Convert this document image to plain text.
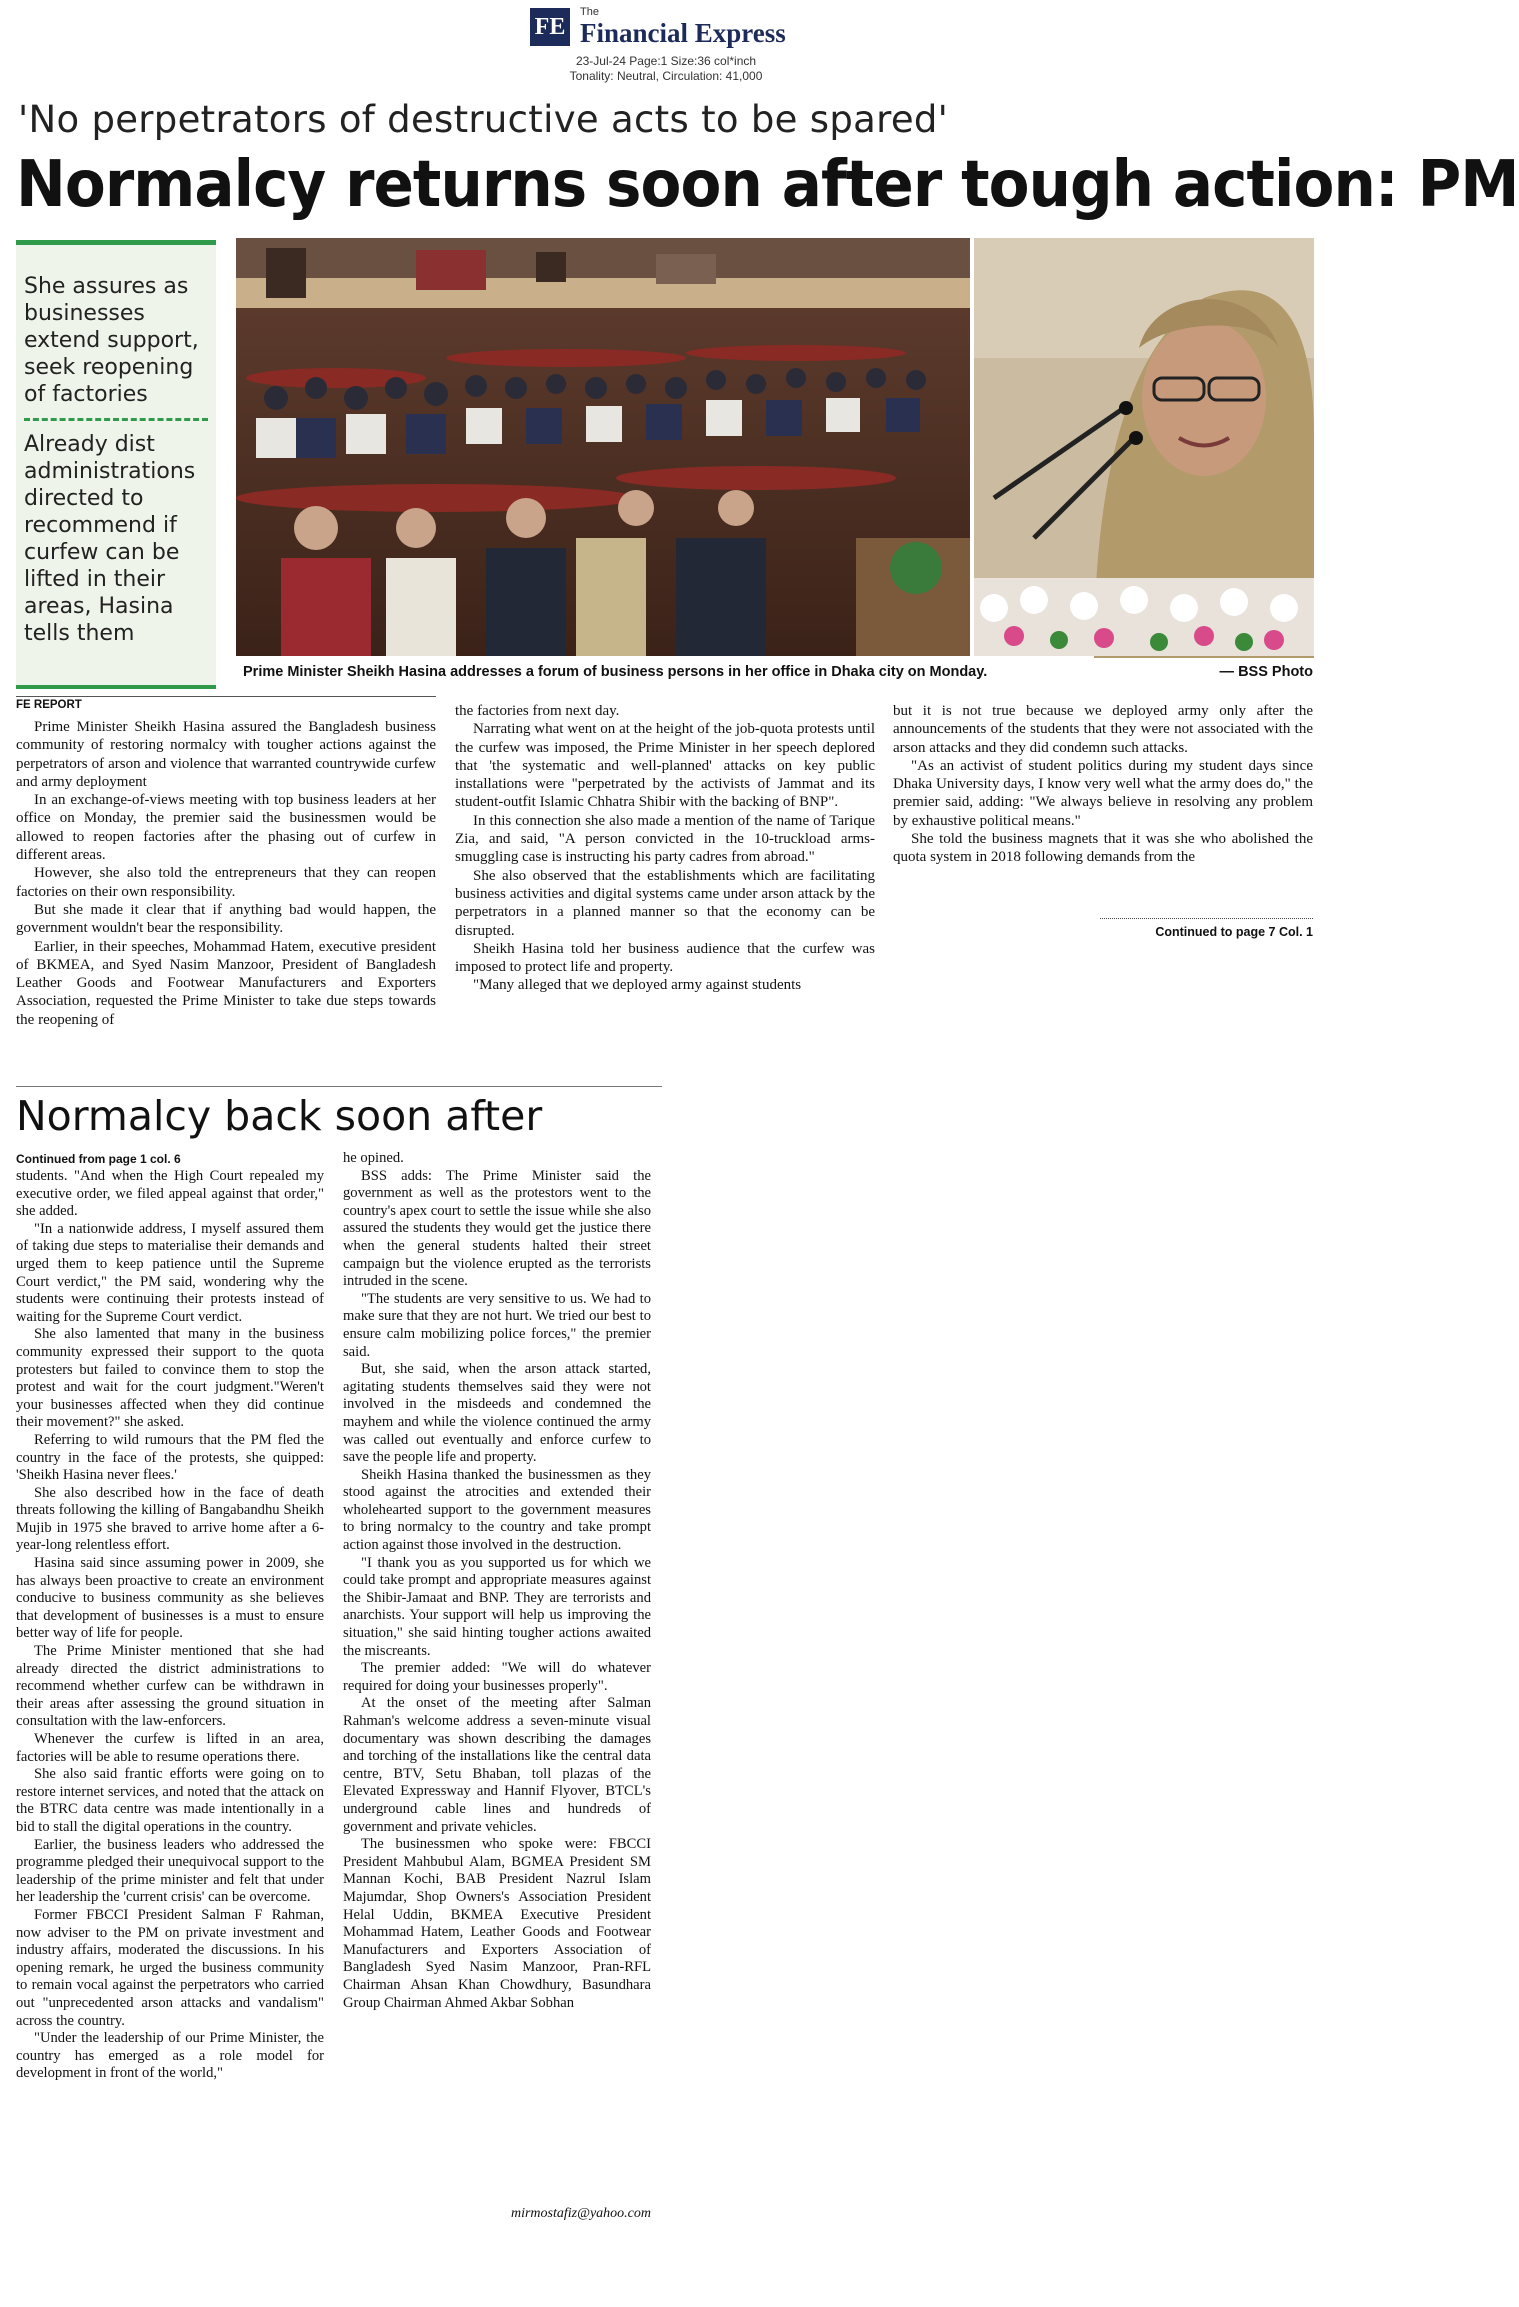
FE
The
Financial Express
23-Jul-24 Page:1 Size:36 col*inch
Tonality: Neutral, Circulation: 41,000
'No perpetrators of destructive acts to be spared'
Normalcy returns soon after tough action: PM
She assures as businesses extend support, seek reopening of factories
Already dist administrations directed to recommend if curfew can be lifted in their areas, Hasina tells them
Prime Minister Sheikh Hasina addresses a forum of business persons in her office in Dhaka city on Monday.	— BSS Photo
FE REPORT

Prime Minister Sheikh Hasina assured the Bangladesh business community of restoring normalcy with tougher actions against the perpetrators of arson and violence that warranted countrywide curfew and army deployment

In an exchange-of-views meeting with top business leaders at her office on Monday, the premier said the businessmen would be allowed to reopen factories after the phasing out of curfew in different areas.

However, she also told the entrepreneurs that they can reopen factories on their own responsibility.

But she made it clear that if anything bad would happen, the government wouldn't bear the responsibility.

Earlier, in their speeches, Mohammad Hatem, executive president of BKMEA, and Syed Nasim Manzoor, President of Bangladesh Leather Goods and Footwear Manufacturers and Exporters Association, requested the Prime Minister to take due steps towards the reopening of

the factories from next day.

Narrating what went on at the height of the job-quota protests until the curfew was imposed, the Prime Minister in her speech deplored that 'the systematic and well-planned' attacks on key public installations were "perpetrated by the activists of Jammat and its student-outfit Islamic Chhatra Shibir with the backing of BNP".

In this connection she also made a mention of the name of Tarique Zia, and said, "A person convicted in the 10-truckload arms-smuggling case is instructing his party cadres from abroad."

She also observed that the establishments which are facilitating business activities and digital systems came under arson attack by the perpetrators in a planned manner so that the economy can be disrupted.

Sheikh Hasina told her business audience that the curfew was imposed to protect life and property.

"Many alleged that we deployed army against students

but it is not true because we deployed army only after the announcements of the students that they were not associated with the arson attacks and they did condemn such attacks.

"As an activist of student politics during my student days since Dhaka University days, I know very well what the army does do," the premier said, adding: "We always believe in resolving any problem by exhaustive political means."

She told the business magnets that it was she who abolished the quota system in 2018 following demands from the

Continued to page 7 Col. 1
Normalcy back soon after
Continued from page 1 col. 6

students. "And when the High Court repealed my executive order, we filed appeal against that order," she added.

"In a nationwide address, I myself assured them of taking due steps to materialise their demands and urged them to keep patience until the Supreme Court verdict," the PM said, wondering why the students were continuing their protests instead of waiting for the Supreme Court verdict.

She also lamented that many in the business community expressed their support to the quota protesters but failed to convince them to stop the protest and wait for the court judgment."Weren't your businesses affected when they did continue their movement?" she asked.

Referring to wild rumours that the PM fled the country in the face of the protests, she quipped: 'Sheikh Hasina never flees.'

She also described how in the face of death threats following the killing of Bangabandhu Sheikh Mujib in 1975 she braved to arrive home after a 6-year-long relentless effort.

Hasina said since assuming power in 2009, she has always been proactive to create an environment conducive to business community as she believes that development of businesses is a must to ensure better way of life for people.

The Prime Minister mentioned that she had already directed the district administrations to recommend whether curfew can be withdrawn in their areas after assessing the ground situation in consultation with the law-enforcers.

Whenever the curfew is lifted in an area, factories will be able to resume operations there.

She also said frantic efforts were going on to restore internet services, and noted that the attack on the BTRC data centre was made intentionally in a bid to stall the digital operations in the country.

Earlier, the business leaders who addressed the programme pledged their unequivocal support to the leadership of the prime minister and felt that under her leadership the 'current crisis' can be overcome.

Former FBCCI President Salman F Rahman, now adviser to the PM on private investment and industry affairs, moderated the discussions. In his opening remark, he urged the business community to remain vocal against the perpetrators who carried out "unprecedented arson attacks and vandalism" across the country.

"Under the leadership of our Prime Minister, the country has emerged as a role model for development in front of the world,"

he opined.

BSS adds: The Prime Minister said the government as well as the protestors went to the country's apex court to settle the issue while she also assured the students they would get the justice there when the general students halted their street campaign but the violence erupted as the terrorists intruded in the scene.

"The students are very sensitive to us. We had to make sure that they are not hurt. We tried our best to ensure calm mobilizing police forces," the premier said.

But, she said, when the arson attack started, agitating students themselves said they were not involved in the misdeeds and condemned the mayhem and while the violence continued the army was called out eventually and enforce curfew to save the people life and property.

Sheikh Hasina thanked the businessmen as they stood against the atrocities and extended their wholehearted support to the government measures to bring normalcy to the country and take prompt action against those involved in the destruction.

"I thank you as you supported us for which we could take prompt and appropriate measures against the Shibir-Jamaat and BNP. They are terrorists and anarchists. Your support will help us improving the situation," she said hinting tougher actions awaited the miscreants.

The premier added: "We will do whatever required for doing your businesses properly".

At the onset of the meeting after Salman Rahman's welcome address a seven-minute visual documentary was shown describing the damages and torching of the installations like the central data centre, BTV, Setu Bhaban, toll plazas of the Elevated Expressway and Hannif Flyover, BTCL's underground cable lines and hundreds of government and private vehicles.

The businessmen who spoke were: FBCCI President Mahbubul Alam, BGMEA President SM Mannan Kochi, BAB President Nazrul Islam Majumdar, Shop Owners's Association President Helal Uddin, BKMEA Executive President Mohammad Hatem, Leather Goods and Footwear Manufacturers and Exporters Association of Bangladesh Syed Nasim Manzoor, Pran-RFL Chairman Ahsan Khan Chowdhury, Basundhara Group Chairman Ahmed Akbar Sobhan

mirmostafiz@yahoo.com
